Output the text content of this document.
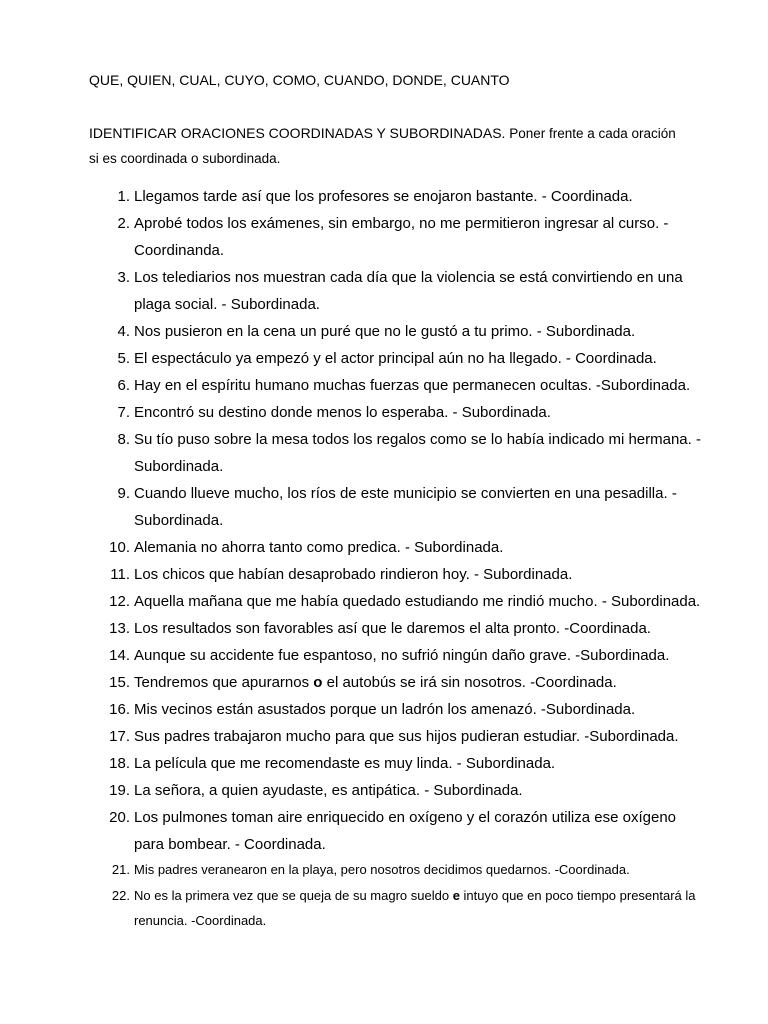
QUE, QUIEN, CUAL, CUYO, COMO, CUANDO, DONDE, CUANTO

IDENTIFICAR ORACIONES COORDINADAS Y SUBORDINADAS. Poner frente a cada oración si es coordinada o subordinada.

1. Llegamos tarde así que los profesores se enojaron bastante. - Coordinada.
2. Aprobé todos los exámenes, sin embargo, no me permitieron ingresar al curso. - Coordinanda.
3. Los telediarios nos muestran cada día que la violencia se está convirtiendo en una plaga social. - Subordinada.
4. Nos pusieron en la cena un puré que no le gustó a tu primo. - Subordinada.
5. El espectáculo ya empezó y el actor principal aún no ha llegado. - Coordinada.
6. Hay en el espíritu humano muchas fuerzas que permanecen ocultas. -Subordinada.
7. Encontró su destino donde menos lo esperaba. - Subordinada.
8. Su tío puso sobre la mesa todos los regalos como se lo había indicado mi hermana. - Subordinada.
9. Cuando llueve mucho, los ríos de este municipio se convierten en una pesadilla. - Subordinada.
10. Alemania no ahorra tanto como predica. - Subordinada.
11. Los chicos que habían desaprobado rindieron hoy. - Subordinada.
12. Aquella mañana que me había quedado estudiando me rindió mucho. - Subordinada.
13. Los resultados son favorables así que le daremos el alta pronto. -Coordinada.
14. Aunque su accidente fue espantoso, no sufrió ningún daño grave. -Subordinada.
15. Tendremos que apurarnos o el autobús se irá sin nosotros. -Coordinada.
16. Mis vecinos están asustados porque un ladrón los amenazó. -Subordinada.
17. Sus padres trabajaron mucho para que sus hijos pudieran estudiar. -Subordinada.
18. La película que me recomendaste es muy linda. - Subordinada.
19. La señora, a quien ayudaste, es antipática. - Subordinada.
20. Los pulmones toman aire enriquecido en oxígeno y el corazón utiliza ese oxígeno para bombear. - Coordinada.
21. Mis padres veranearon en la playa, pero nosotros decidimos quedarnos. -Coordinada.
22. No es la primera vez que se queja de su magro sueldo e intuyo que en poco tiempo presentará la renuncia. -Coordinada.
